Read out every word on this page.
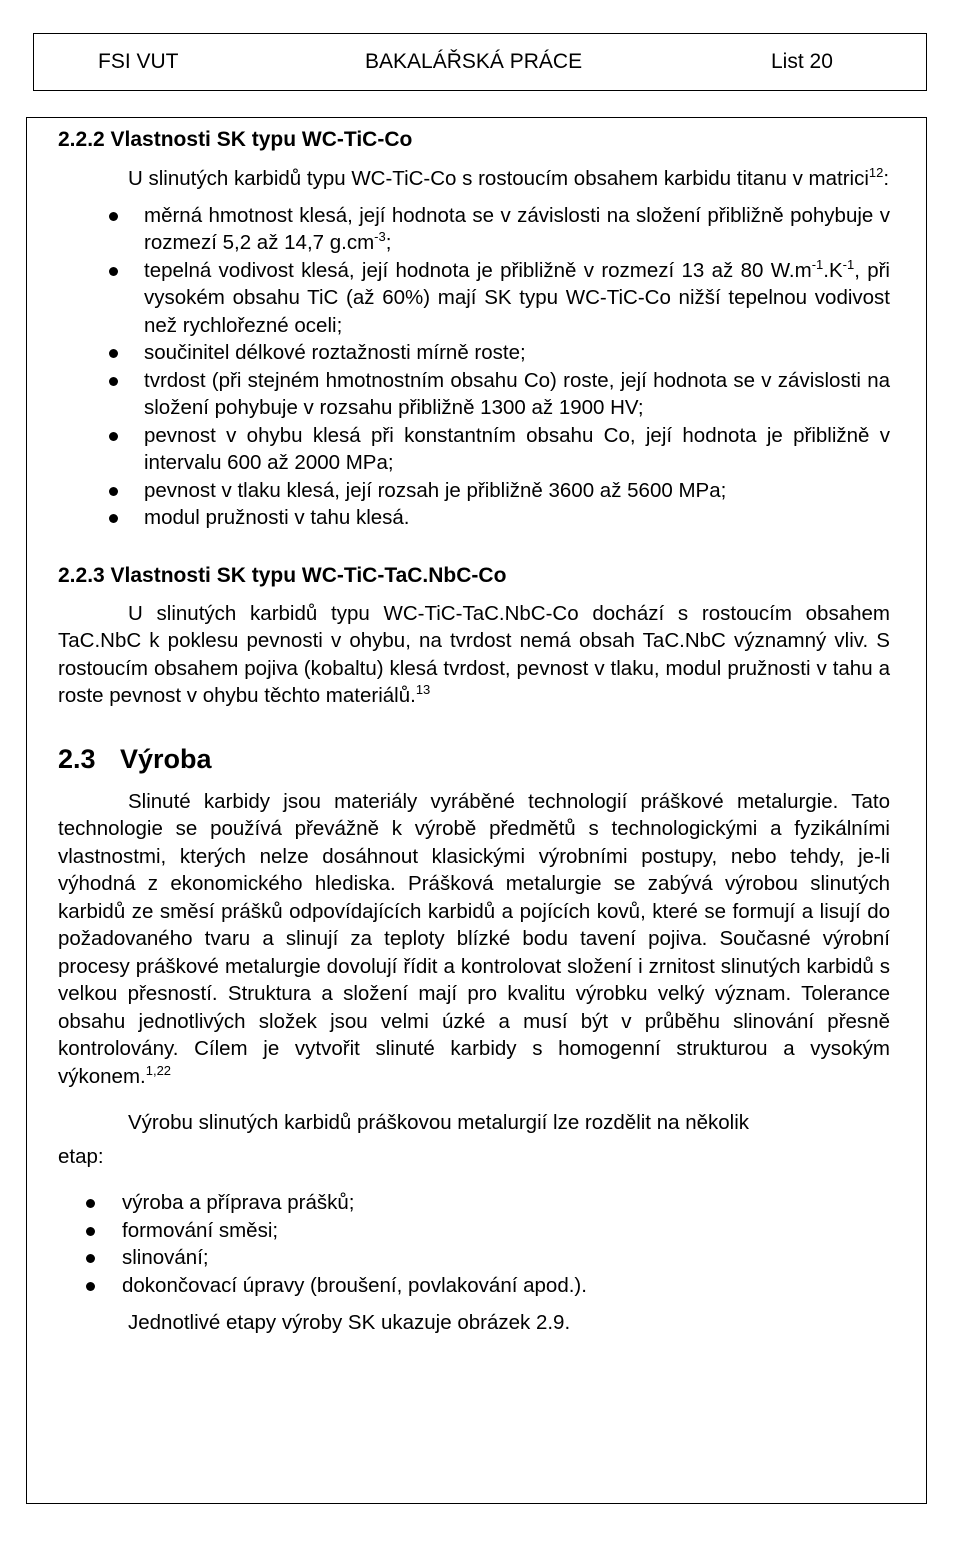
FSI VUT	BAKALÁŘSKÁ PRÁCE	List 20
2.2.2 Vlastnosti SK typu WC-TiC-Co

U slinutých karbidů typu WC-TiC-Co s rostoucím obsahem karbidu titanu v matrici$^{12}$:

měrná hmotnost klesá, její hodnota se v závislosti na složení přibližně pohybuje v rozmezí 5,2 až 14,7 $g.cm^{-3}$;
tepelná vodivost klesá, její hodnota je přibližně v rozmezí 13 až 80 $W.m^{-1}.K^{-1}$, při vysokém obsahu TiC (až 60%) mají SK typu WC-TiC-Co nižší tepelnou vodivost než rychlořezné oceli;
součinitel délkové roztažnosti mírně roste;
tvrdost (při stejném hmotnostním obsahu Co) roste, její hodnota se v závislosti na složení pohybuje v rozsahu přibližně 1300 až 1900 HV;
pevnost v ohybu klesá při konstantním obsahu Co, její hodnota je přibližně v intervalu 600 až 2000 MPa;
pevnost v tlaku klesá, její rozsah je přibližně 3600 až 5600 MPa;
modul pružnosti v tahu klesá.
2.2.3 Vlastnosti SK typu WC-TiC-TaC.NbC-Co

U slinutých karbidů typu WC-TiC-TaC.NbC-Co dochází s rostoucím obsahem TaC.NbC k poklesu pevnosti v ohybu, na tvrdost nemá obsah TaC.NbC významný vliv. S rostoucím obsahem pojiva (kobaltu) klesá tvrdost, pevnost v tlaku, modul pružnosti v tahu a roste pevnost v ohybu těchto materiálů.$^{13}$

2.3 Výroba

Slinuté karbidy jsou materiály vyráběné technologií práškové metalurgie. Tato technologie se používá převážně k výrobě předmětů s technologickými a fyzikálními vlastnostmi, kterých nelze dosáhnout klasickými výrobními postupy, nebo tehdy, je-li výhodná z ekonomického hlediska. Prášková metalurgie se zabývá výrobou slinutých karbidů ze směsí prášků odpovídajících karbidů a pojících kovů, které se formují a lisují do požadovaného tvaru a slinují za teploty blízké bodu tavení pojiva. Současné výrobní procesy práškové metalurgie dovolují řídit a kontrolovat složení i zrnitost slinutých karbidů s velkou přesností. Struktura a složení mají pro kvalitu výrobku velký význam. Tolerance obsahu jednotlivých složek jsou velmi úzké a musí být v průběhu slinování přesně kontrolovány. Cílem je vytvořit slinuté karbidy s homogenní strukturou a vysokým výkonem.$^{1,22}$

Výrobu slinutých karbidů práškovou metalurgií lze rozdělit na několik

etap:

výroba a příprava prášků;
formování směsi;
slinování;
dokončovací úpravy (broušení, povlakování apod.).

Jednotlivé etapy výroby SK ukazuje obrázek 2.9.
